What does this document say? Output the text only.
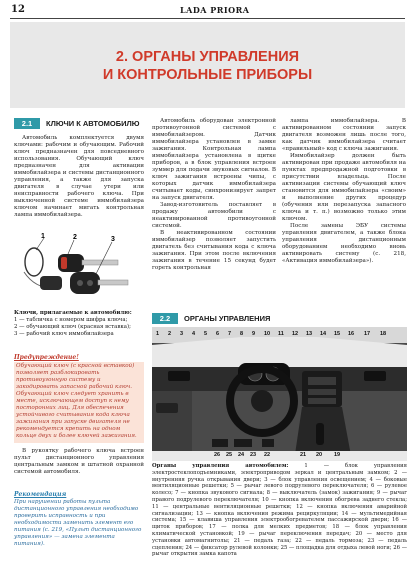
12	LADA PRIORA
2. ОРГАНЫ УПРАВЛЕНИЯ
И КОНТРОЛЬНЫЕ ПРИБОРЫ
2.1 КЛЮЧИ К АВТОМОБИЛЮ

Автомобиль комплектуется двумя ключами: рабочим и обучающим. Рабочий ключ предназначен для повседневного использования. Обучающий ключ предназначен для активации иммобилайзера и системы дистанционного управления, а также для запуска двигателя в случае утери или неисправности рабочего ключа. При выключенной системе иммобилайзера ключом начинает мигать контрольная лампа иммобилайзера.

1	2	3
Ключи, прилагаемые к автомобилю:
1 — табличка с номером шифра ключа;
2 — обучающий ключ (красная вставка);
3 — рабочий ключ иммобилайзера
Предупреждение!
Обучающий ключ (с красной вставкой) позволяет разблокировать противоугонную систему и закодировать запасной рабочий ключ. Обучающий ключ следует хранить в месте, исключающем доступ к нему посторонних лиц. Для обеспечения устойчивого считывания кода ключа зажигания при запуске двигателя не рекомендуется крепить на одном кольце двух и более ключей зажигания.

В рукоятку рабочего ключа встроен пульт дистанционного управления центральным замком и штатной охранной системой автомобиля.

Рекомендация
При нарушении работы пульта дистанционного управления необходимо проверить исправность и при необходимости заменить элемент его питания (с. 219, «Пульт дистанционного управления» — замена элемента питания).

Автомобиль оборудован электронной противоугонной системой с иммобилайзером. Датчик иммобилайзера установлен в замке зажигания. Контрольная лампа иммобилайзера установлена в щитке приборов, а в блок управления встроен зуммер для подачи звуковых сигналов. В ключ зажигания встроены чипы, с которых датчик иммобилайзера считывает коды, синхронизирует запрет на запуск двигателя.

Завод-изготовитель поставляет в продажу автомобили с неактивированной противоугонной системой.

В неактивированном состоянии иммобилайзер позволяет запустить двигатель без считывания кода с ключа зажигания. При этом после включения зажигания в течение 15 секунд будет гореть контрольная

лампа иммобилайзера. В активированном состоянии запуск двигателя возможен лишь после того, как датчик иммобилайзера считает «правильный» код с ключа зажигания.

Иммобилайзер должен быть активирован при продаже автомобиля на пунктах предпродажной подготовки в присутствии владельца. После активизации системы обучающий ключ становится для иммобилайзера «своим» и выполнение других процедур (обучения или перезапуска запасного ключа и т. п.) возможно только этим ключом.

После замены ЭБУ системы управления двигателем, а также блока управления дистанционным оборудованием необходимо вновь активировать систему (с. 218, «Активация иммобилайзера»).

2.2 ОРГАНЫ УПРАВЛЕНИЯ
1 2 3 4 5 6 7 8 9 10 11 12 13 14 15 16 17 18
26 25 24 23 22	21 20 19
Органы управления автомобилем:	1 — блок управления электростеклоподъемниками, электроприводом зеркал и центральным замком; 2 — внутренняя ручка открывания двери; 3 — блок управления освещением; 4 — боковые вентиляционные решетки; 5 — рычаг левого подрулевого переключателя; 6 — рулевое колесо; 7 — кнопка звукового сигнала; 8 — выключатель (замок) зажигания; 9 — рычаг правого подрулевого переключателя; 10 — кнопка включения обогрева заднего стекла; 11 — центральные вентиляционные решетки; 12 — кнопка включения аварийной сигнализации; 13 — кнопка включения режима рециркуляции; 14 — мультимедийная система; 15 — клавиша управления электрообогревателем пассажирской двери; 16 — щиток приборов; 17 — полка для мелких предметов; 18 — блок управления климатической установкой; 19 — рычаг переключения передач; 20 — место для установки автомагнитолы; 21 — педаль газа; 22 — педаль тормоза; 23 — педаль сцепления; 24 — фиксатор рулевой колонки; 25 — площадка для отдыха левой ноги; 26 — рычаг открытия замка капота
